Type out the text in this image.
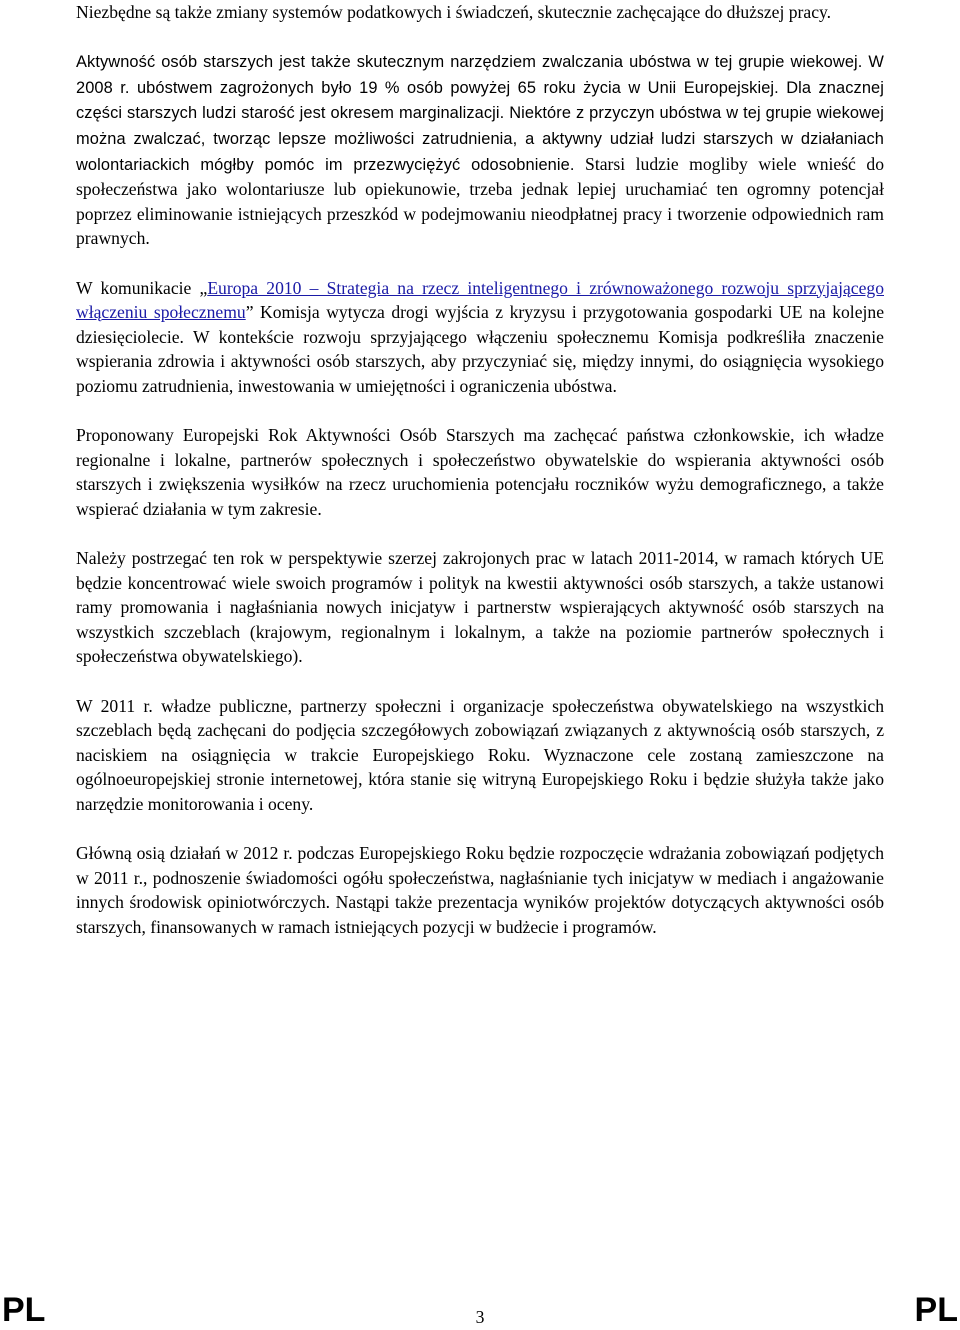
Niezbędne są także zmiany systemów podatkowych i świadczeń, skutecznie zachęcające do dłuższej pracy.

Aktywność osób starszych jest także skutecznym narzędziem zwalczania ubóstwa w tej grupie wiekowej. W 2008 r. ubóstwem zagrożonych było 19 % osób powyżej 65 roku życia w Unii Europejskiej. Dla znacznej części starszych ludzi starość jest okresem marginalizacji. Niektóre z przyczyn ubóstwa w tej grupie wiekowej można zwalczać, tworząc lepsze możliwości zatrudnienia, a aktywny udział ludzi starszych w działaniach wolontariackich mógłby pomóc im przezwyciężyć odosobnienie. Starsi ludzie mogliby wiele wnieść do społeczeństwa jako wolontariusze lub opiekunowie, trzeba jednak lepiej uruchamiać ten ogromny potencjał poprzez eliminowanie istniejących przeszkód w podejmowaniu nieodpłatnej pracy i tworzenie odpowiednich ram prawnych.

W komunikacie „Europa 2010 – Strategia na rzecz inteligentnego i zrównoważonego rozwoju sprzyjającego włączeniu społecznemu” Komisja wytycza drogi wyjścia z kryzysu i przygotowania gospodarki UE na kolejne dziesięciolecie. W kontekście rozwoju sprzyjającego włączeniu społecznemu Komisja podkreśliła znaczenie wspierania zdrowia i aktywności osób starszych, aby przyczyniać się, między innymi, do osiągnięcia wysokiego poziomu zatrudnienia, inwestowania w umiejętności i ograniczenia ubóstwa.

Proponowany Europejski Rok Aktywności Osób Starszych ma zachęcać państwa członkowskie, ich władze regionalne i lokalne, partnerów społecznych i społeczeństwo obywatelskie do wspierania aktywności osób starszych i zwiększenia wysiłków na rzecz uruchomienia potencjału roczników wyżu demograficznego, a także wspierać działania w tym zakresie.

Należy postrzegać ten rok w perspektywie szerzej zakrojonych prac w latach 2011-2014, w ramach których UE będzie koncentrować wiele swoich programów i polityk na kwestii aktywności osób starszych, a także ustanowi ramy promowania i nagłaśniania nowych inicjatyw i partnerstw wspierających aktywność osób starszych na wszystkich szczeblach (krajowym, regionalnym i lokalnym, a także na poziomie partnerów społecznych i społeczeństwa obywatelskiego).

W 2011 r. władze publiczne, partnerzy społeczni i organizacje społeczeństwa obywatelskiego na wszystkich szczeblach będą zachęcani do podjęcia szczegółowych zobowiązań związanych z aktywnością osób starszych, z naciskiem na osiągnięcia w trakcie Europejskiego Roku. Wyznaczone cele zostaną zamieszczone na ogólnoeuropejskiej stronie internetowej, która stanie się witryną Europejskiego Roku i będzie służyła także jako narzędzie monitorowania i oceny.

Główną osią działań w 2012 r. podczas Europejskiego Roku będzie rozpoczęcie wdrażania zobowiązań podjętych w 2011 r., podnoszenie świadomości ogółu społeczeństwa, nagłaśnianie tych inicjatyw w mediach i angażowanie innych środowisk opiniotwórczych. Nastąpi także prezentacja wyników projektów dotyczących aktywności osób starszych, finansowanych w ramach istniejących pozycji w budżecie i programów.

PL	3	PL
